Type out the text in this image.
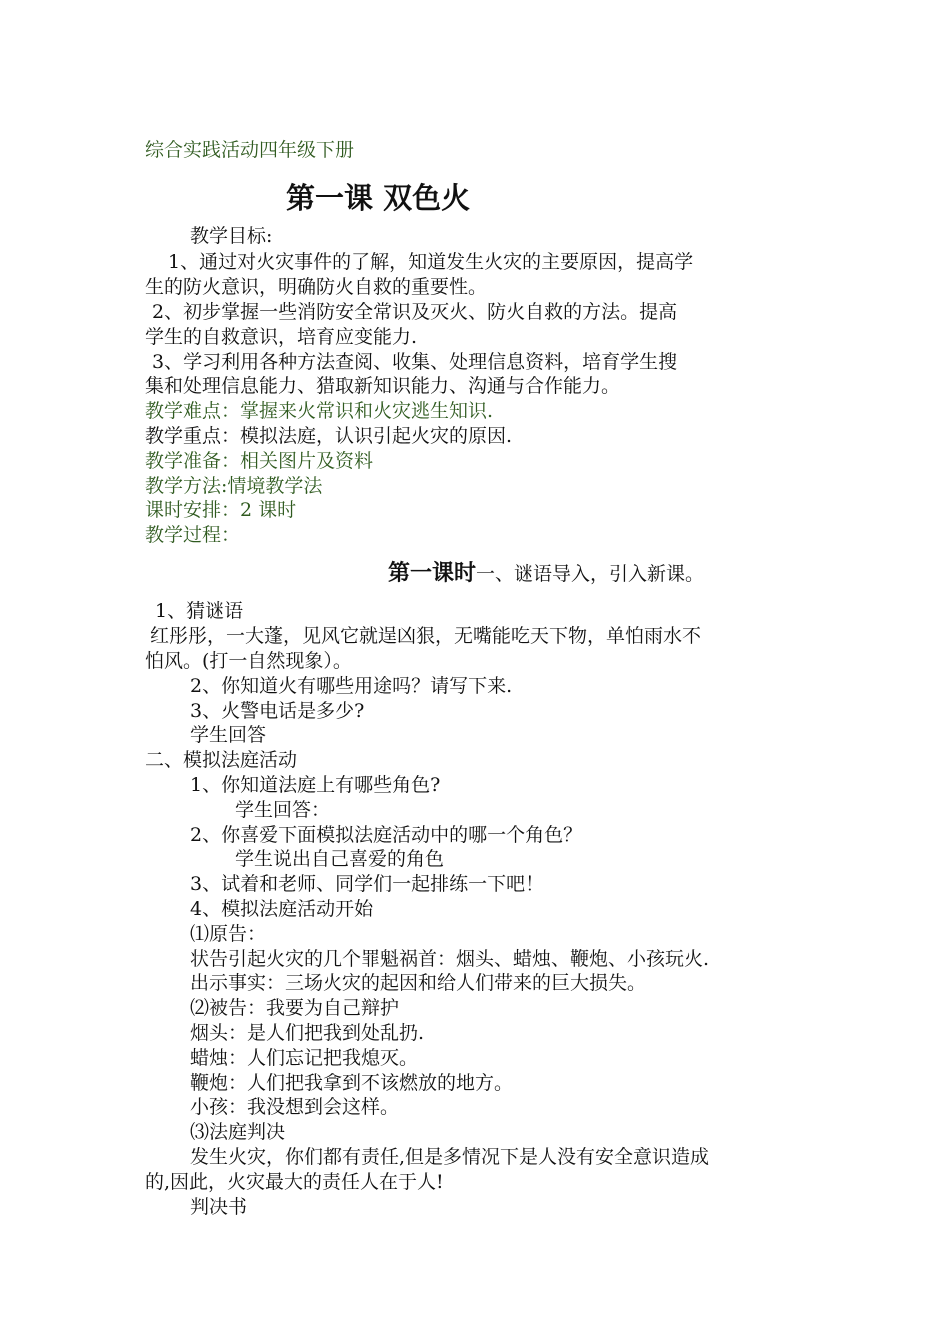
综合实践活动四年级下册
第一课 双色火
教学目标:
1、通过对火灾事件的了解，知道发生火灾的主要原因，提高学
生的防火意识，明确防火自救的重要性。
2、初步掌握一些消防安全常识及灭火、防火自救的方法。提高
学生的自救意识，培育应变能力.
3、学习利用各种方法查阅、收集、处理信息资料，培育学生搜
集和处理信息能力、猎取新知识能力、沟通与合作能力。
教学难点：掌握来火常识和火灾逃生知识.
教学重点：模拟法庭，认识引起火灾的原因.
教学准备：相关图片及资料
教学方法:情境教学法
课时安排：2 课时
教学过程：
第一课时一、谜语导入，引入新课。
1、猜谜语
红彤彤，一大蓬，见风它就逞凶狠，无嘴能吃天下物，单怕雨水不
怕风。(打一自然现象）。
2、你知道火有哪些用途吗？请写下来.
3、火警电话是多少?
学生回答
二、模拟法庭活动
1、你知道法庭上有哪些角色?
学生回答：
2、你喜爱下面模拟法庭活动中的哪一个角色？
学生说出自己喜爱的角色
3、试着和老师、同学们一起排练一下吧！
4、模拟法庭活动开始
⑴原告：
状告引起火灾的几个罪魁祸首：烟头、蜡烛、鞭炮、小孩玩火.
出示事实：三场火灾的起因和给人们带来的巨大损失。
⑵被告：我要为自己辩护
烟头：是人们把我到处乱扔.
蜡烛：人们忘记把我熄灭。
鞭炮：人们把我拿到不该燃放的地方。
小孩：我没想到会这样。
⑶法庭判决
发生火灾，你们都有责任,但是多情况下是人没有安全意识造成
的,因此，火灾最大的责任人在于人!
判决书
